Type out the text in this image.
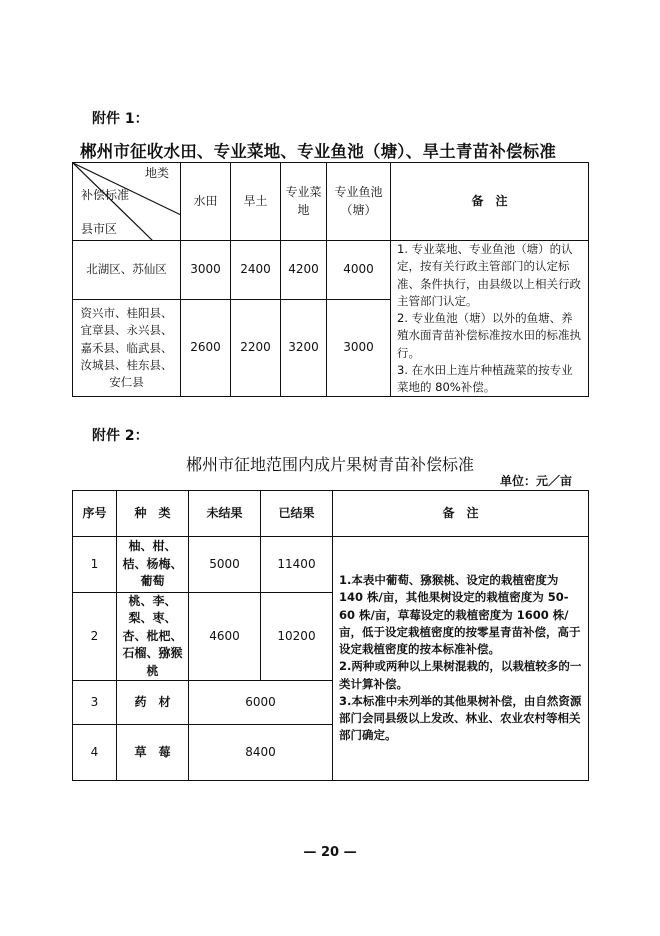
附件 1：
郴州市征收水田、专业菜地、专业鱼池（塘）、旱土青苗补偿标准
地类
补偿标准
县市区	水田	旱土	专业菜地	专业鱼池（塘）	备　注
北湖区、苏仙区	3000	2400	4200	4000	1. 专业菜地、专业鱼池（塘）的认定，按有关行政主管部门的认定标准、条件执行，由县级以上相关行政主管部门认定。
2. 专业鱼池（塘）以外的鱼塘、养殖水面青苗补偿标准按水田的标准执行。
3. 在水田上连片种植蔬菜的按专业菜地的 80%补偿。

资兴市、桂阳县、宜章县、永兴县、嘉禾县、临武县、汝城县、桂东县、安仁县	2600	2200	3200	3000	
附件 2：
郴州市征地范围内成片果树青苗补偿标准
单位：元／亩
序号	种　类	未结果	已结果	备　注
1	柚、柑、桔、杨梅、葡萄	5000	11400	1.本表中葡萄、猕猴桃、设定的栽植密度为 140 株/亩，其他果树设定的栽植密度为 50-60 株/亩，草莓设定的栽植密度为 1600 株/亩，低于设定栽植密度的按零星青苗补偿，高于设定栽植密度的按本标准补偿。
2.两种或两种以上果树混栽的，以栽植较多的一类计算补偿。
3.本标准中未列举的其他果树补偿，由自然资源部门会同县级以上发改、林业、农业农村等相关部门确定。

2	桃、李、梨、枣、杏、枇杷、石榴、猕猴桃	4600	10200	
3	药　材	6000		
4	草　莓	8400		
— 20 —
